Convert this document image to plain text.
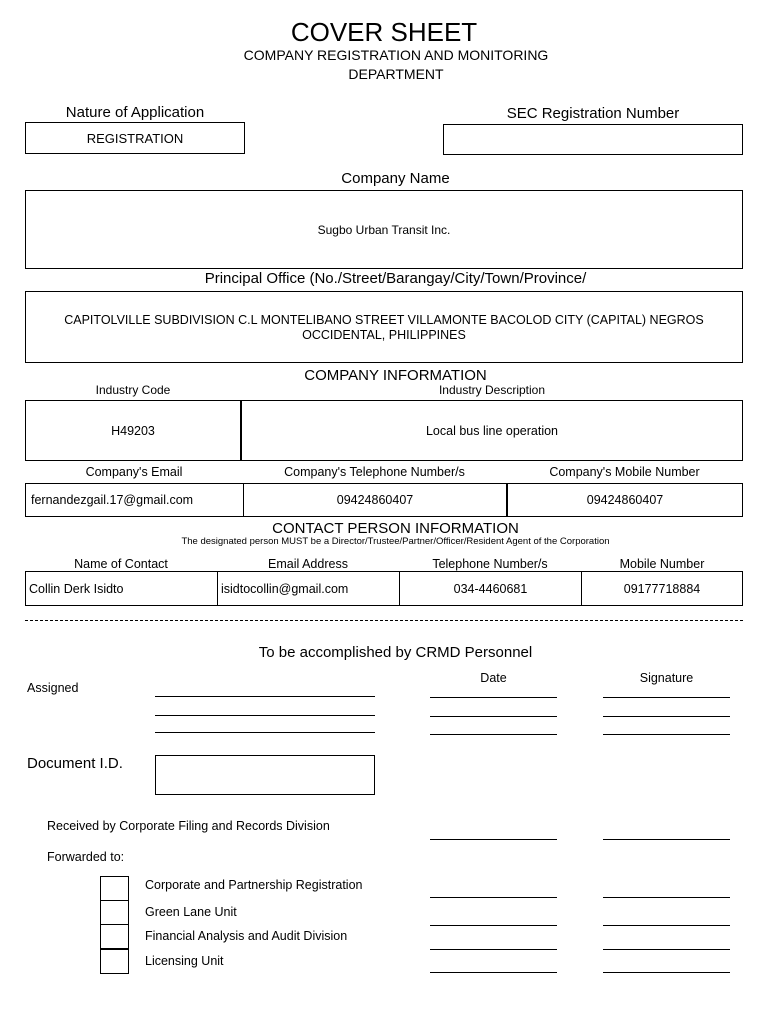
COVER SHEET
COMPANY REGISTRATION AND MONITORING
DEPARTMENT
Nature of Application
REGISTRATION
SEC Registration Number
Company Name
Sugbo Urban Transit Inc.
Principal Office (No./Street/Barangay/City/Town/Province/
CAPITOLVILLE SUBDIVISION C.L MONTELIBANO STREET VILLAMONTE BACOLOD CITY (CAPITAL) NEGROS
OCCIDENTAL, PHILIPPINES
COMPANY INFORMATION
Industry Code	Industry Description
H49203	Local bus line operation
Company's Email	Company's Telephone Number/s	Company's Mobile Number
fernandezgail.17@gmail.com	09424860407	09424860407
CONTACT PERSON INFORMATION
The designated person MUST be a Director/Trustee/Partner/Officer/Resident Agent of the Corporation
Name of Contact	Email Address	Telephone Number/s	Mobile Number
Collin Derk Isidto	isidtocollin@gmail.com	034-4460681	09177718884
To be accomplished by CRMD Personnel
Date	Signature
Assigned
Document I.D.
Received by Corporate Filing and Records Division
Forwarded to:
Corporate and Partnership Registration
Green Lane Unit
Financial Analysis and Audit Division
Licensing Unit
